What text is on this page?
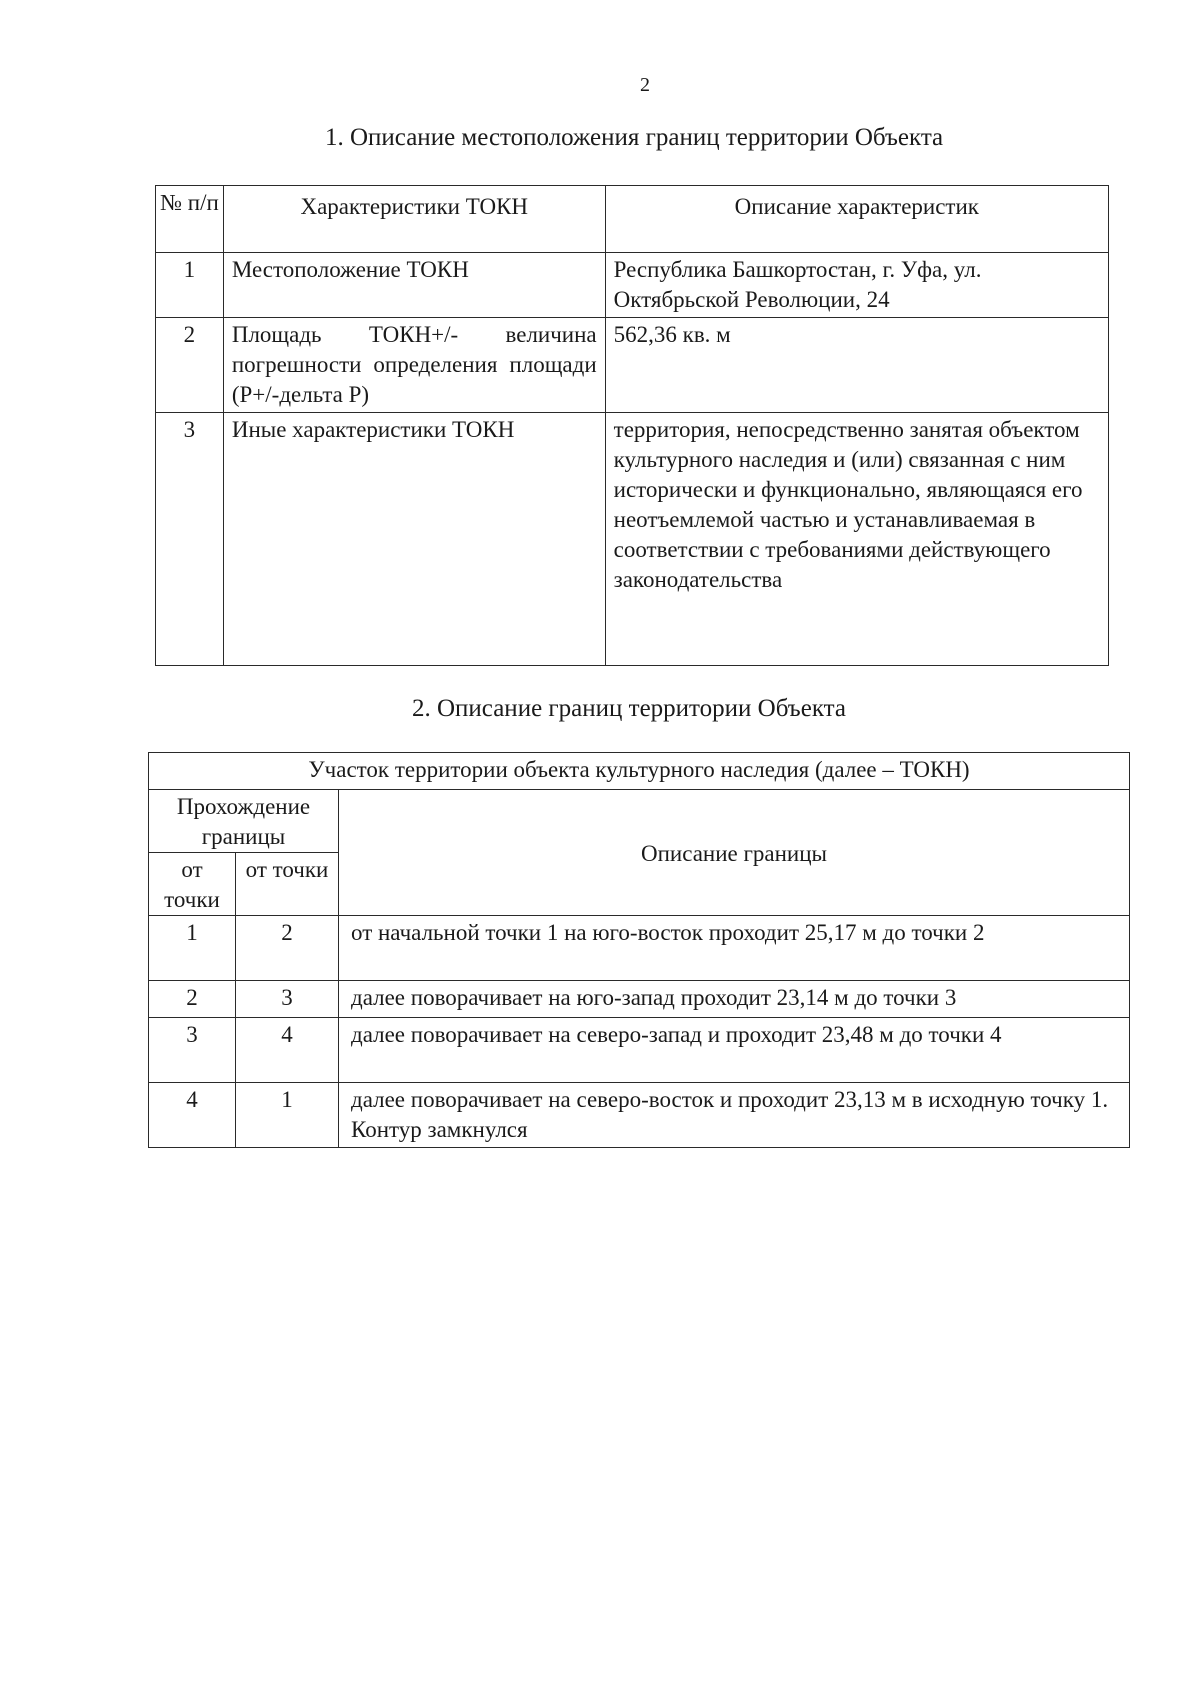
2
1. Описание местоположения границ территории Объекта
№ п/п	Характеристики ТОКН	Описание характеристик
1	Местоположение ТОКН	Республика Башкортостан, г. Уфа, ул. Октябрьской Революции, 24
2	Площадь ТОКН+/- величина погрешности определения площади (P+/-дельта P)	562,36 кв. м
3	Иные характеристики ТОКН	территория, непосредственно занятая объектом культурного наследия и (или) связанная с ним исторически и функционально, являющаяся его неотъемлемой частью и устанавливаемая в соответствии с требованиями действующего законодательства
2. Описание границ территории Объекта
Участок территории объекта культурного наследия (далее – ТОКН)		
Прохождение границы		Описание границы
от точки	от точки	
1	2	от начальной точки 1 на юго-восток проходит 25,17 м до точки 2
2	3	далее поворачивает на юго-запад проходит 23,14 м до точки 3
3	4	далее поворачивает на северо-запад и проходит 23,48 м до точки 4
4	1	далее поворачивает на северо-восток и проходит 23,13 м в исходную точку 1. Контур замкнулся
